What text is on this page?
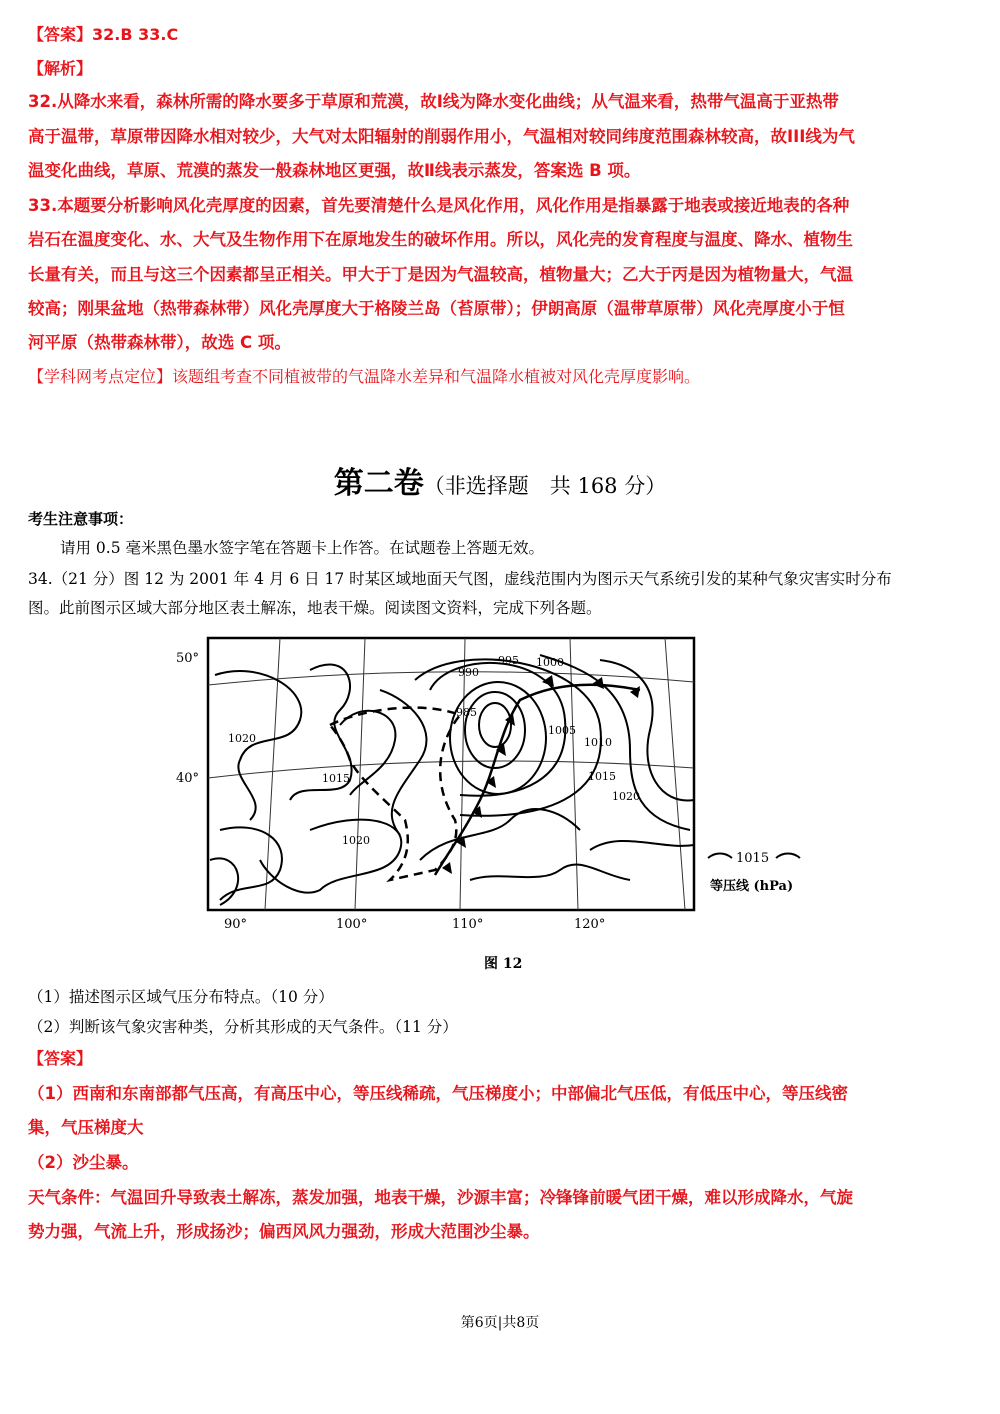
【答案】32.B 33.C
【解析】
32.从降水来看，森林所需的降水要多于草原和荒漠，故Ⅰ线为降水变化曲线；从气温来看，热带气温高于亚热带
高于温带，草原带因降水相对较少，大气对太阳辐射的削弱作用小，气温相对较同纬度范围森林较高，故III线为气
温变化曲线，草原、荒漠的蒸发一般森林地区更强，故Ⅱ线表示蒸发，答案选 B 项。
33.本题要分析影响风化壳厚度的因素，首先要清楚什么是风化作用，风化作用是指暴露于地表或接近地表的各种
岩石在温度变化、水、大气及生物作用下在原地发生的破坏作用。所以，风化壳的发育程度与温度、降水、植物生
长量有关，而且与这三个因素都呈正相关。甲大于丁是因为气温较高，植物量大；乙大于丙是因为植物量大，气温
较高；刚果盆地（热带森林带）风化壳厚度大于格陵兰岛（苔原带）；伊朗高原（温带草原带）风化壳厚度小于恒
河平原（热带森林带），故选 C 项。
【学科网考点定位】该题组考查不同植被带的气温降水差异和气温降水植被对风化壳厚度影响。
第二卷（非选择题　共 168 分）
考生注意事项：
请用 0.5 毫米黑色墨水签字笔在答题卡上作答。在试题卷上答题无效。
34.（21 分）图 12 为 2001 年 4 月 6 日 17 时某区域地面天气图，虚线范围内为图示天气系统引发的某种气象灾害实时分布
图。此前图示区域大部分地区表土解冻，地表干燥。阅读图文资料，完成下列各题。
990
995 1000
985
1005
1010
1015
1020
1020
1015
1020
50°
40°
90°	100°	110°	120°
1015
等压线 (hPa)
图 12
（1）描述图示区域气压分布特点。（10 分）
（2）判断该气象灾害种类，分析其形成的天气条件。（11 分）
【答案】
（1）西南和东南部都气压高，有高压中心，等压线稀疏，气压梯度小；中部偏北气压低，有低压中心，等压线密
集，气压梯度大
（2）沙尘暴。
天气条件：气温回升导致表土解冻，蒸发加强，地表干燥，沙源丰富；冷锋锋前暖气团干燥，难以形成降水，气旋
势力强，气流上升，形成扬沙；偏西风风力强劲，形成大范围沙尘暴。
第6页|共8页
